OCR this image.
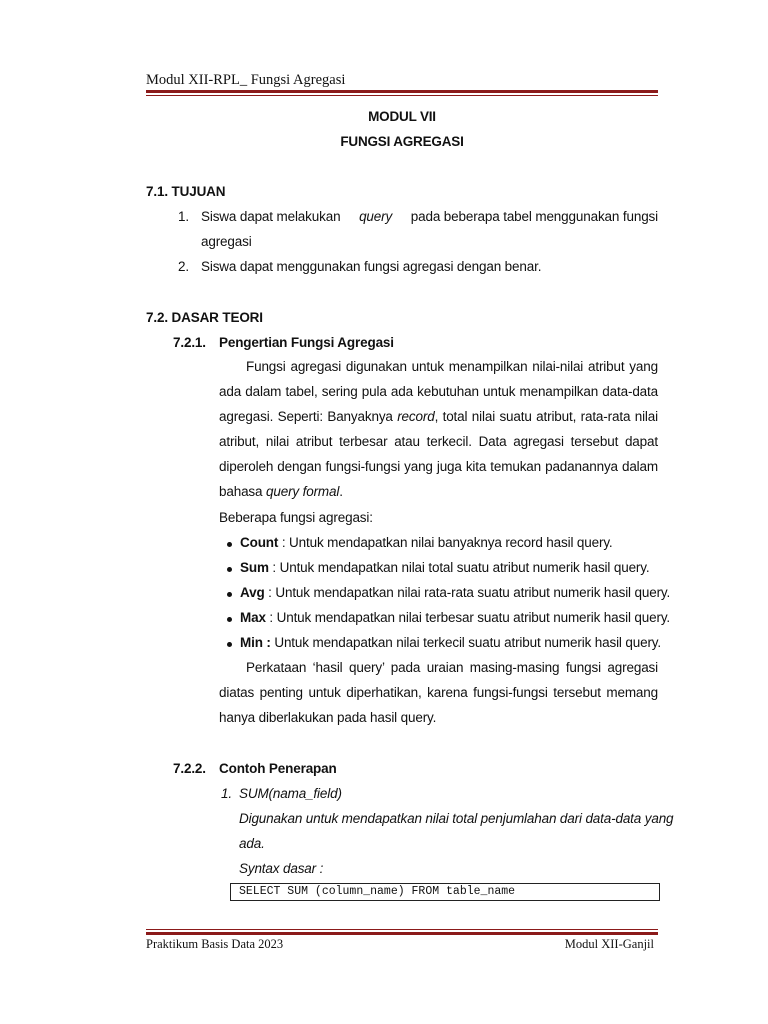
Modul XII-RPL_ Fungsi Agregasi
MODUL VII
FUNGSI AGREGASI
7.1. TUJUAN
1. Siswa dapat melakukan query pada beberapa tabel menggunakan fungsi
agregasi
2. Siswa dapat menggunakan fungsi agregasi dengan benar.
7.2. DASAR TEORI
7.2.1. Pengertian Fungsi Agregasi
Fungsi agregasi digunakan untuk menampilkan nilai-nilai atribut yang ada dalam tabel, sering pula ada kebutuhan untuk menampilkan data-data agregasi. Seperti: Banyaknya record, total nilai suatu atribut, rata-rata nilai atribut, nilai atribut terbesar atau terkecil. Data agregasi tersebut dapat diperoleh dengan fungsi-fungsi yang juga kita temukan padanannya dalam bahasa query formal.
Beberapa fungsi agregasi:
Count : Untuk mendapatkan nilai banyaknya record hasil query.
Sum : Untuk mendapatkan nilai total suatu atribut numerik hasil query.
Avg : Untuk mendapatkan nilai rata-rata suatu atribut numerik hasil query.
Max : Untuk mendapatkan nilai terbesar suatu atribut numerik hasil query.
Min : Untuk mendapatkan nilai terkecil suatu atribut numerik hasil query.
Perkataan ‘hasil query’ pada uraian masing-masing fungsi agregasi diatas penting untuk diperhatikan, karena fungsi-fungsi tersebut memang hanya diberlakukan pada hasil query.
7.2.2. Contoh Penerapan
1. SUM(nama_field)
Digunakan untuk mendapatkan nilai total penjumlahan dari data-data yang
ada.
Syntax dasar :
SELECT SUM (column_name) FROM table_name
Praktikum Basis Data 2023	Modul XII-Ganjil
